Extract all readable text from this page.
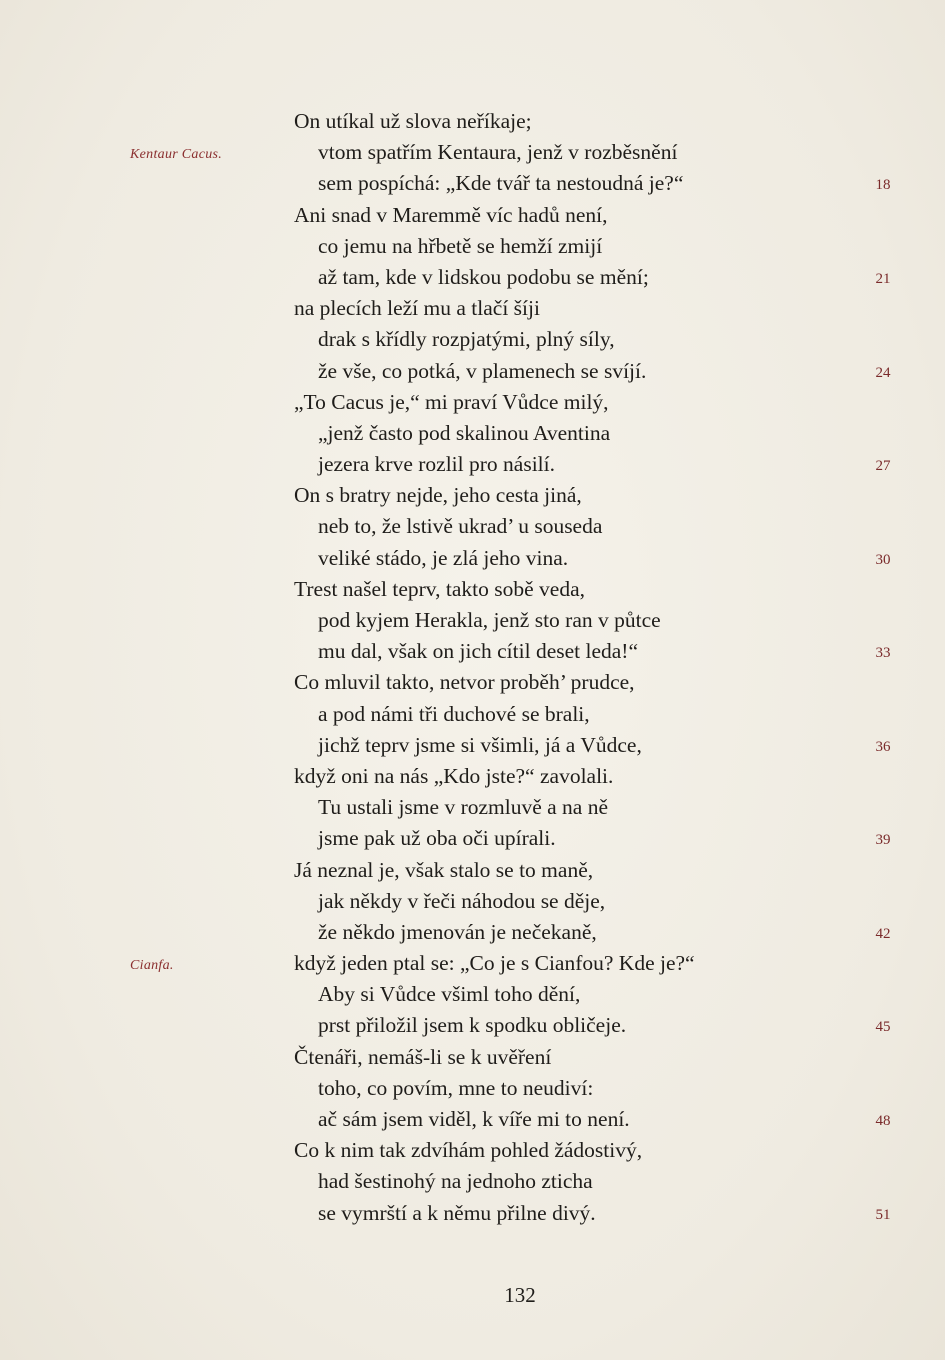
On utíkal už slova neříkaje;
vtom spatřím Kentaura, jenž v rozběsnění
Kentaur Cacus.
sem pospíchá: „Kde tvář ta nestoudná je?“	18
Ani snad v Maremmě víc hadů není,
co jemu na hřbetě se hemží zmijí
až tam, kde v lidskou podobu se mění;	21
na plecích leží mu a tlačí šíji
drak s křídly rozpjatými, plný síly,
že vše, co potká, v plamenech se svíjí.	24
„To Cacus je,“ mi praví Vůdce milý,
„jenž často pod skalinou Aventina
jezera krve rozlil pro násilí.	27
On s bratry nejde, jeho cesta jiná,
neb to, že lstivě ukrad’ u souseda
veliké stádo, je zlá jeho vina.	30
Trest našel teprv, takto sobě veda,
pod kyjem Herakla, jenž sto ran v půtce
mu dal, však on jich cítil deset leda!“	33
Co mluvil takto, netvor proběh’ prudce,
a pod námi tři duchové se brali,
jichž teprv jsme si všimli, já a Vůdce,	36
když oni na nás „Kdo jste?“ zavolali.
Tu ustali jsme v rozmluvě a na ně
jsme pak už oba oči upírali.	39
Já neznal je, však stalo se to maně,
jak někdy v řeči náhodou se děje,
že někdo jmenován je nečekaně,	42
když jeden ptal se: „Co je s Cianfou? Kde je?“
Cianfa.
Aby si Vůdce všiml toho dění,
prst přiložil jsem k spodku obličeje.	45
Čtenáři, nemáš-li se k uvěření
toho, co povím, mne to neudiví:
ač sám jsem viděl, k víře mi to není.	48
Co k nim tak zdvíhám pohled žádostivý,
had šestinohý na jednoho zticha
se vymrští a k němu přilne divý.	51
132
